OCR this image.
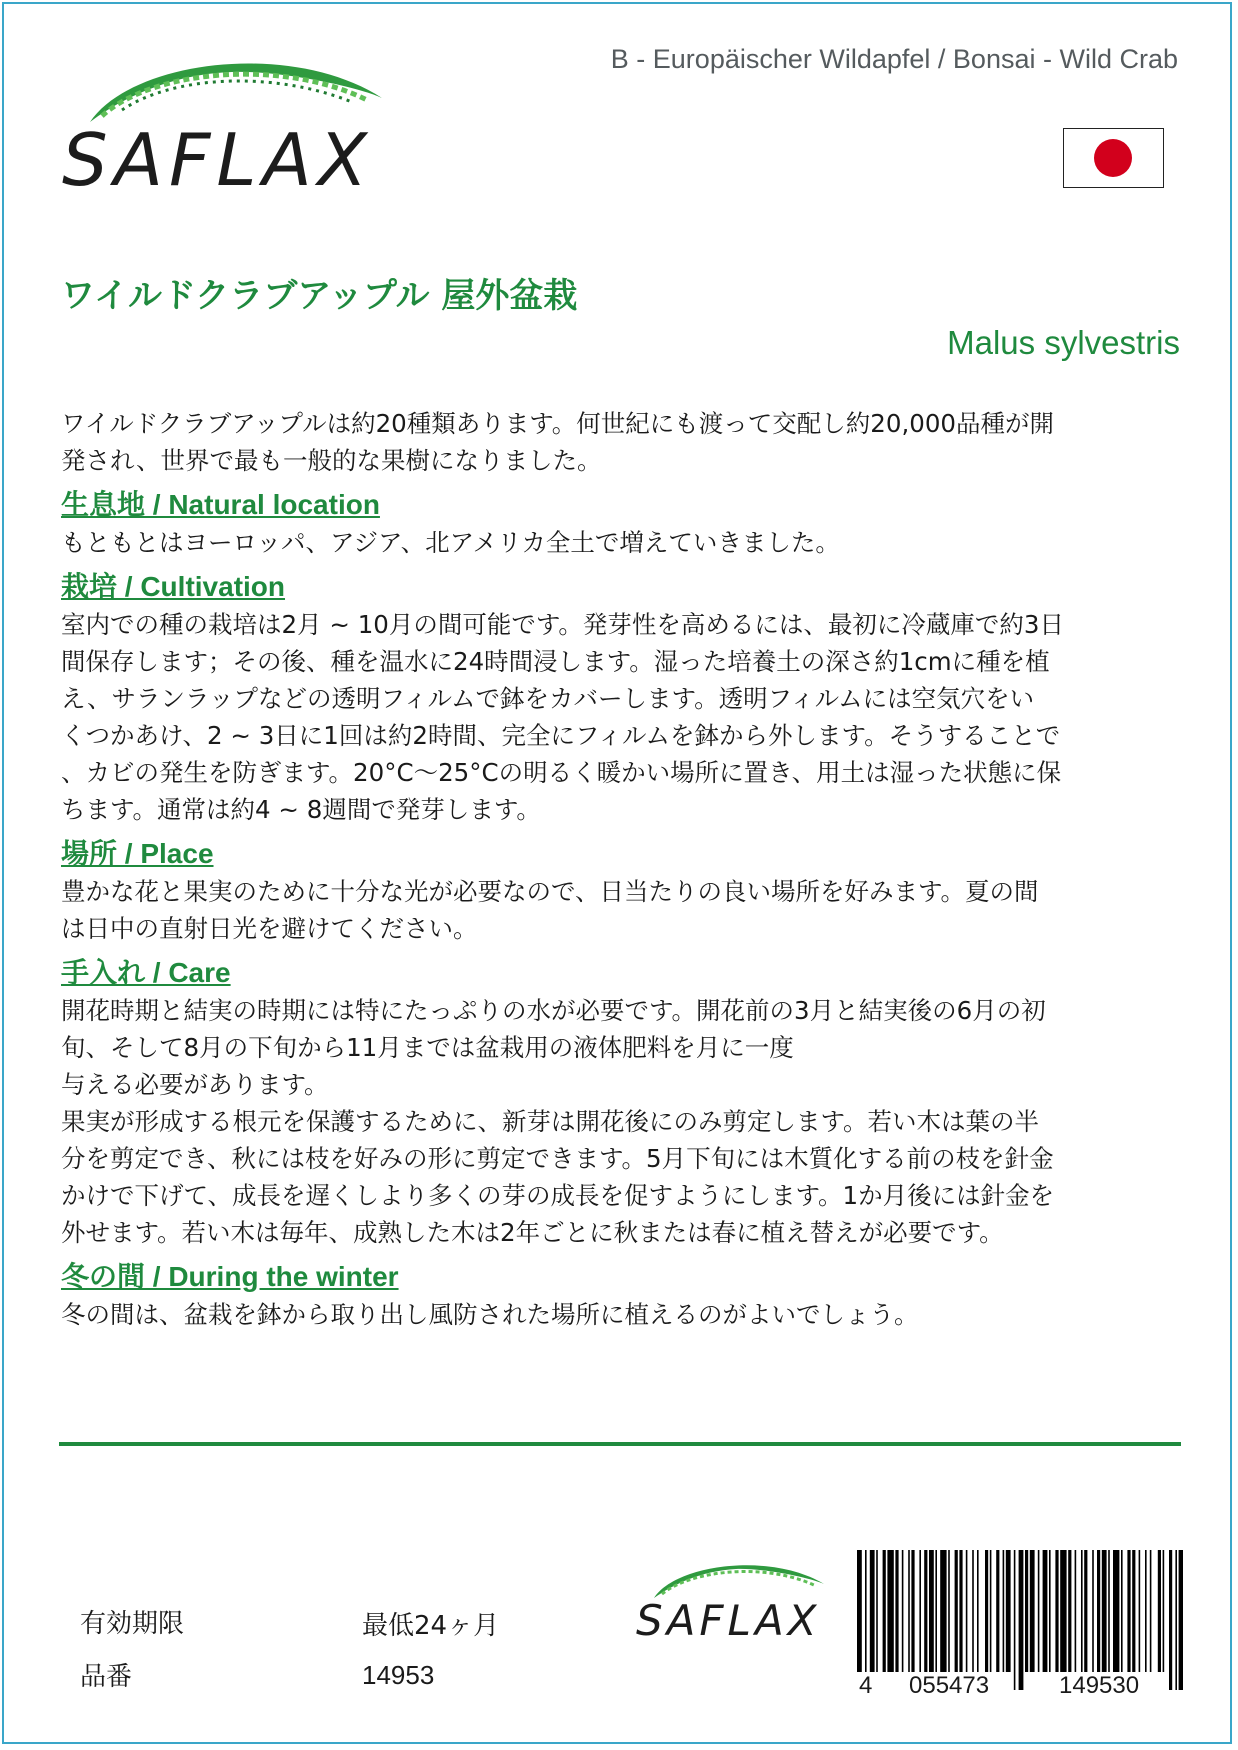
SAFLAX
B - Europäischer Wildapfel / Bonsai - Wild Crab
ワイルドクラブアップル 屋外盆栽
Malus sylvestris

ワイルドクラブアップルは約20種類あります。何世紀にも渡って交配し約20,000品種が開

発され、世界で最も一般的な果樹になりました。

生息地 / Natural location

もともとはヨーロッパ、アジア、北アメリカ全土で増えていきました。

栽培 / Cultivation

室内での種の栽培は2月 ~ 10月の間可能です。発芽性を高めるには、最初に冷蔵庫で約3日

間保存します；その後、種を温水に24時間浸します。湿った培養土の深さ約1cmに種を植

え、サランラップなどの透明フィルムで鉢をカバーします。透明フィルムには空気穴をい

くつかあけ、2 ~ 3日に1回は約2時間、完全にフィルムを鉢から外します。そうすることで

、カビの発生を防ぎます。20°C〜25°Cの明るく暖かい場所に置き、用土は湿った状態に保

ちます。通常は約4 ~ 8週間で発芽します。

場所 / Place

豊かな花と果実のために十分な光が必要なので、日当たりの良い場所を好みます。夏の間

は日中の直射日光を避けてください。

手入れ / Care

開花時期と結実の時期には特にたっぷりの水が必要です。開花前の3月と結実後の6月の初

旬、そして8月の下旬から11月までは盆栽用の液体肥料を月に一度

与える必要があります。

果実が形成する根元を保護するために、新芽は開花後にのみ剪定します。若い木は葉の半

分を剪定でき、秋には枝を好みの形に剪定できます。5月下旬には木質化する前の枝を針金

かけで下げて、成長を遅くしより多くの芽の成長を促すようにします。1か月後には針金を

外せます。若い木は毎年、成熟した木は2年ごとに秋または春に植え替えが必要です。

冬の間 / During the winter

冬の間は、盆栽を鉢から取り出し風防された場所に植えるのがよいでしょう。

有効期限	最低24ヶ月
品番	14953
SAFLAX
4 055473	149530
